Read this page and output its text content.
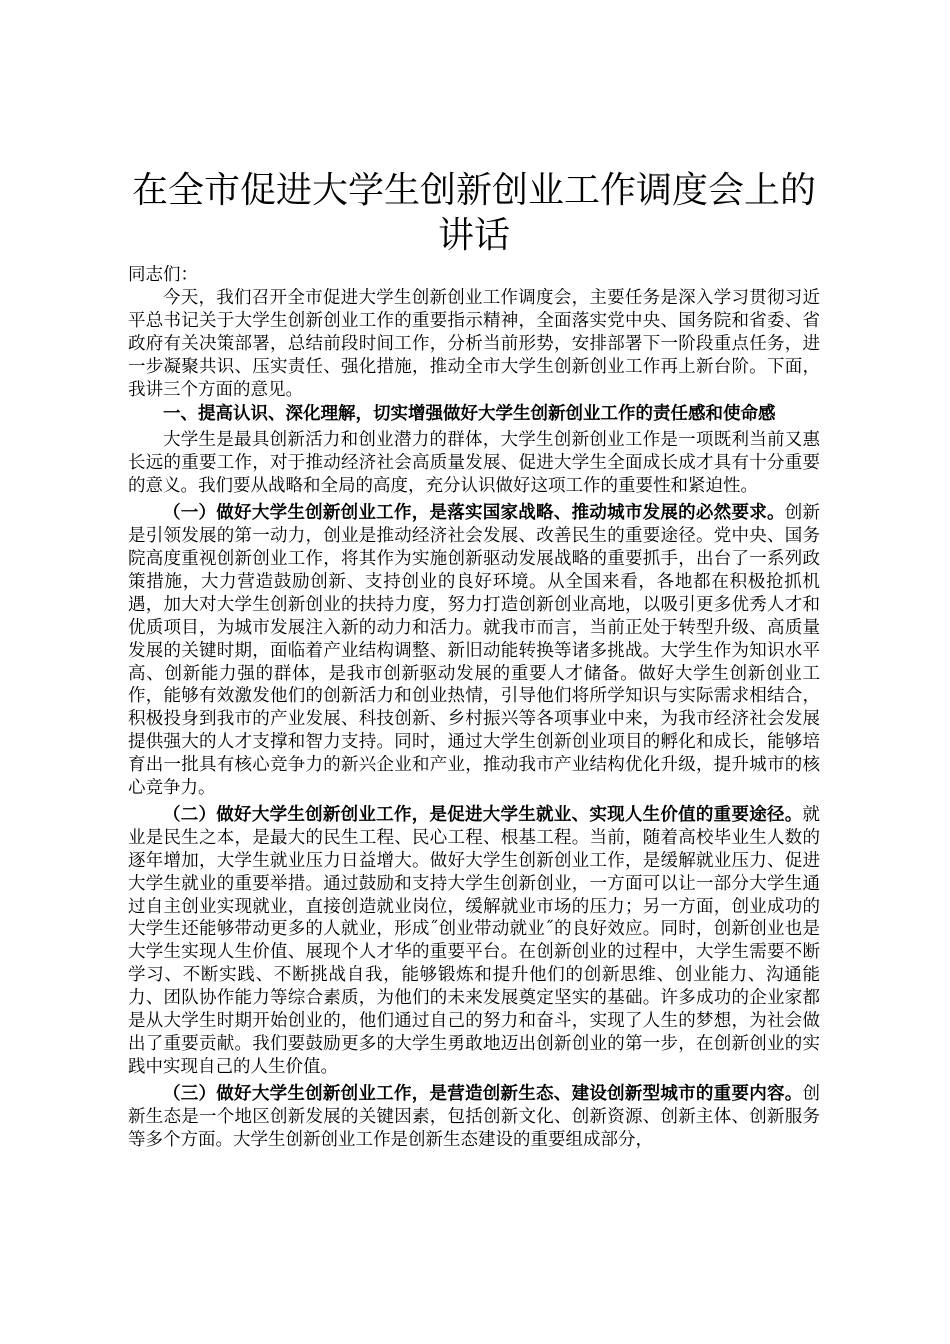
在全市促进大学生创新创业工作调度会上的讲话
同志们：

今天，我们召开全市促进大学生创新创业工作调度会，主要任务是深入学习贯彻习近平总书记关于大学生创新创业工作的重要指示精神，全面落实党中央、国务院和省委、省政府有关决策部署，总结前段时间工作，分析当前形势，安排部署下一阶段重点任务，进一步凝聚共识、压实责任、强化措施，推动全市大学生创新创业工作再上新台阶。下面，我讲三个方面的意见。

一、提高认识、深化理解，切实增强做好大学生创新创业工作的责任感和使命感

大学生是最具创新活力和创业潜力的群体，大学生创新创业工作是一项既利当前又惠长远的重要工作，对于推动经济社会高质量发展、促进大学生全面成长成才具有十分重要的意义。我们要从战略和全局的高度，充分认识做好这项工作的重要性和紧迫性。

（一）做好大学生创新创业工作，是落实国家战略、推动城市发展的必然要求。创新是引领发展的第一动力，创业是推动经济社会发展、改善民生的重要途径。党中央、国务院高度重视创新创业工作，将其作为实施创新驱动发展战略的重要抓手，出台了一系列政策措施，大力营造鼓励创新、支持创业的良好环境。从全国来看，各地都在积极抢抓机遇，加大对大学生创新创业的扶持力度，努力打造创新创业高地，以吸引更多优秀人才和优质项目，为城市发展注入新的动力和活力。就我市而言，当前正处于转型升级、高质量发展的关键时期，面临着产业结构调整、新旧动能转换等诸多挑战。大学生作为知识水平高、创新能力强的群体，是我市创新驱动发展的重要人才储备。做好大学生创新创业工作，能够有效激发他们的创新活力和创业热情，引导他们将所学知识与实际需求相结合，积极投身到我市的产业发展、科技创新、乡村振兴等各项事业中来，为我市经济社会发展提供强大的人才支撑和智力支持。同时，通过大学生创新创业项目的孵化和成长，能够培育出一批具有核心竞争力的新兴企业和产业，推动我市产业结构优化升级，提升城市的核心竞争力。

（二）做好大学生创新创业工作，是促进大学生就业、实现人生价值的重要途径。就业是民生之本，是最大的民生工程、民心工程、根基工程。当前，随着高校毕业生人数的逐年增加，大学生就业压力日益增大。做好大学生创新创业工作，是缓解就业压力、促进大学生就业的重要举措。通过鼓励和支持大学生创新创业，一方面可以让一部分大学生通过自主创业实现就业，直接创造就业岗位，缓解就业市场的压力；另一方面，创业成功的大学生还能够带动更多的人就业，形成˝创业带动就业˝的良好效应。同时，创新创业也是大学生实现人生价值、展现个人才华的重要平台。在创新创业的过程中，大学生需要不断学习、不断实践、不断挑战自我，能够锻炼和提升他们的创新思维、创业能力、沟通能力、团队协作能力等综合素质，为他们的未来发展奠定坚实的基础。许多成功的企业家都是从大学生时期开始创业的，他们通过自己的努力和奋斗，实现了人生的梦想，为社会做出了重要贡献。我们要鼓励更多的大学生勇敢地迈出创新创业的第一步，在创新创业的实践中实现自己的人生价值。

（三）做好大学生创新创业工作，是营造创新生态、建设创新型城市的重要内容。创新生态是一个地区创新发展的关键因素，包括创新文化、创新资源、创新主体、创新服务等多个方面。大学生创新创业工作是创新生态建设的重要组成部分，
